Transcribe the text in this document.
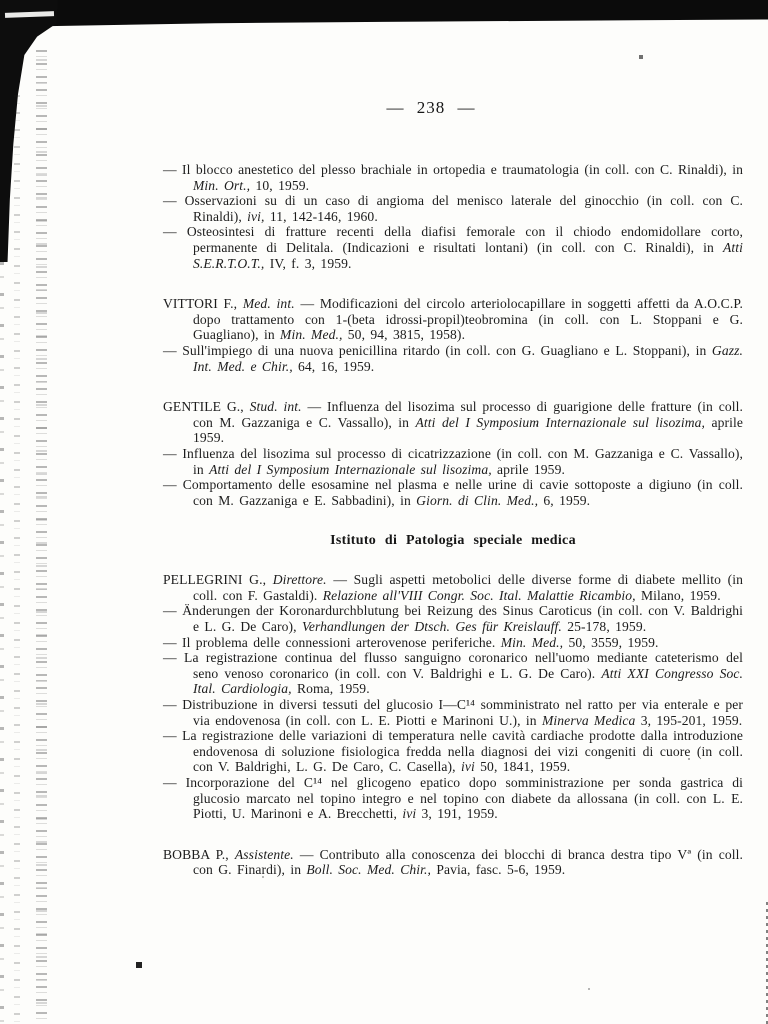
— 238 —

— Il blocco anestetico del plesso brachiale in ortopedia e traumatologia (in coll. con C. Rinaldi), in Min. Ort., 10, 1959.

— Osservazioni su di un caso di angioma del menisco laterale del ginocchio (in coll. con C. Rinaldi), ivi, 11, 142-146, 1960.

— Osteosintesi di fratture recenti della diafisi femorale con il chiodo endomidollare corto, permanente di Delitala. (Indicazioni e risultati lontani) (in coll. con C. Rinaldi), in Atti S.E.R.T.O.T., IV, f. 3, 1959.

VITTORI F., Med. int. — Modificazioni del circolo arteriolocapillare in soggetti affetti da A.O.C.P. dopo trattamento con 1-(beta idrossi-propil)teobromina (in coll. con L. Stoppani e G. Guagliano), in Min. Med., 50, 94, 3815, 1958).

— Sull'impiego di una nuova penicillina ritardo (in coll. con G. Guagliano e L. Stoppani), in Gazz. Int. Med. e Chir., 64, 16, 1959.

GENTILE G., Stud. int. — Influenza del lisozima sul processo di guarigione delle fratture (in coll. con M. Gazzaniga e C. Vassallo), in Atti del I Symposium Internazionale sul lisozima, aprile 1959.

— Influenza del lisozima sul processo di cicatrizzazione (in coll. con M. Gazzaniga e C. Vassallo), in Atti del I Symposium Internazionale sul lisozima, aprile 1959.

— Comportamento delle esosamine nel plasma e nelle urine di cavie sottoposte a digiuno (in coll. con M. Gazzaniga e E. Sabbadini), in Giorn. di Clin. Med., 6, 1959.

Istituto di Patologia speciale medica

PELLEGRINI G., Direttore. — Sugli aspetti metobolici delle diverse forme di diabete mellito (in coll. con F. Gastaldi). Relazione all'VIII Congr. Soc. Ital. Malattie Ricambio, Milano, 1959.

— Änderungen der Koronardurchblutung bei Reizung des Sinus Caroticus (in coll. con V. Baldrighi e L. G. De Caro), Verhandlungen der Dtsch. Ges für Kreislauff. 25-178, 1959.

— Il problema delle connessioni arterovenose periferiche. Min. Med., 50, 3559, 1959.

— La registrazione continua del flusso sanguigno coronarico nell'uomo mediante cateterismo del seno venoso coronarico (in coll. con V. Baldrighi e L. G. De Caro). Atti XXI Congresso Soc. Ital. Cardiologia, Roma, 1959.

— Distribuzione in diversi tessuti del glucosio I—C¹⁴ somministrato nel ratto per via enterale e per via endovenosa (in coll. con L. E. Piotti e Marinoni U.), in Minerva Medica 3, 195-201, 1959.

— La registrazione delle variazioni di temperatura nelle cavità cardiache prodotte dalla introduzione endovenosa di soluzione fisiologica fredda nella diagnosi dei vizi congeniti di cuore (in coll. con V. Baldrighi, L. G. De Caro, C. Casella), ivi 50, 1841, 1959.

— Incorporazione del C¹⁴ nel glicogeno epatico dopo somministrazione per sonda gastrica di glucosio marcato nel topino integro e nel topino con diabete da allossana (in coll. con L. E. Piotti, U. Marinoni e A. Brecchetti, ivi 3, 191, 1959.

BOBBA P., Assistente. — Contributo alla conoscenza dei blocchi di branca destra tipo Vª (in coll. con G. Finardi), in Boll. Soc. Med. Chir., Pavia, fasc. 5-6, 1959.
